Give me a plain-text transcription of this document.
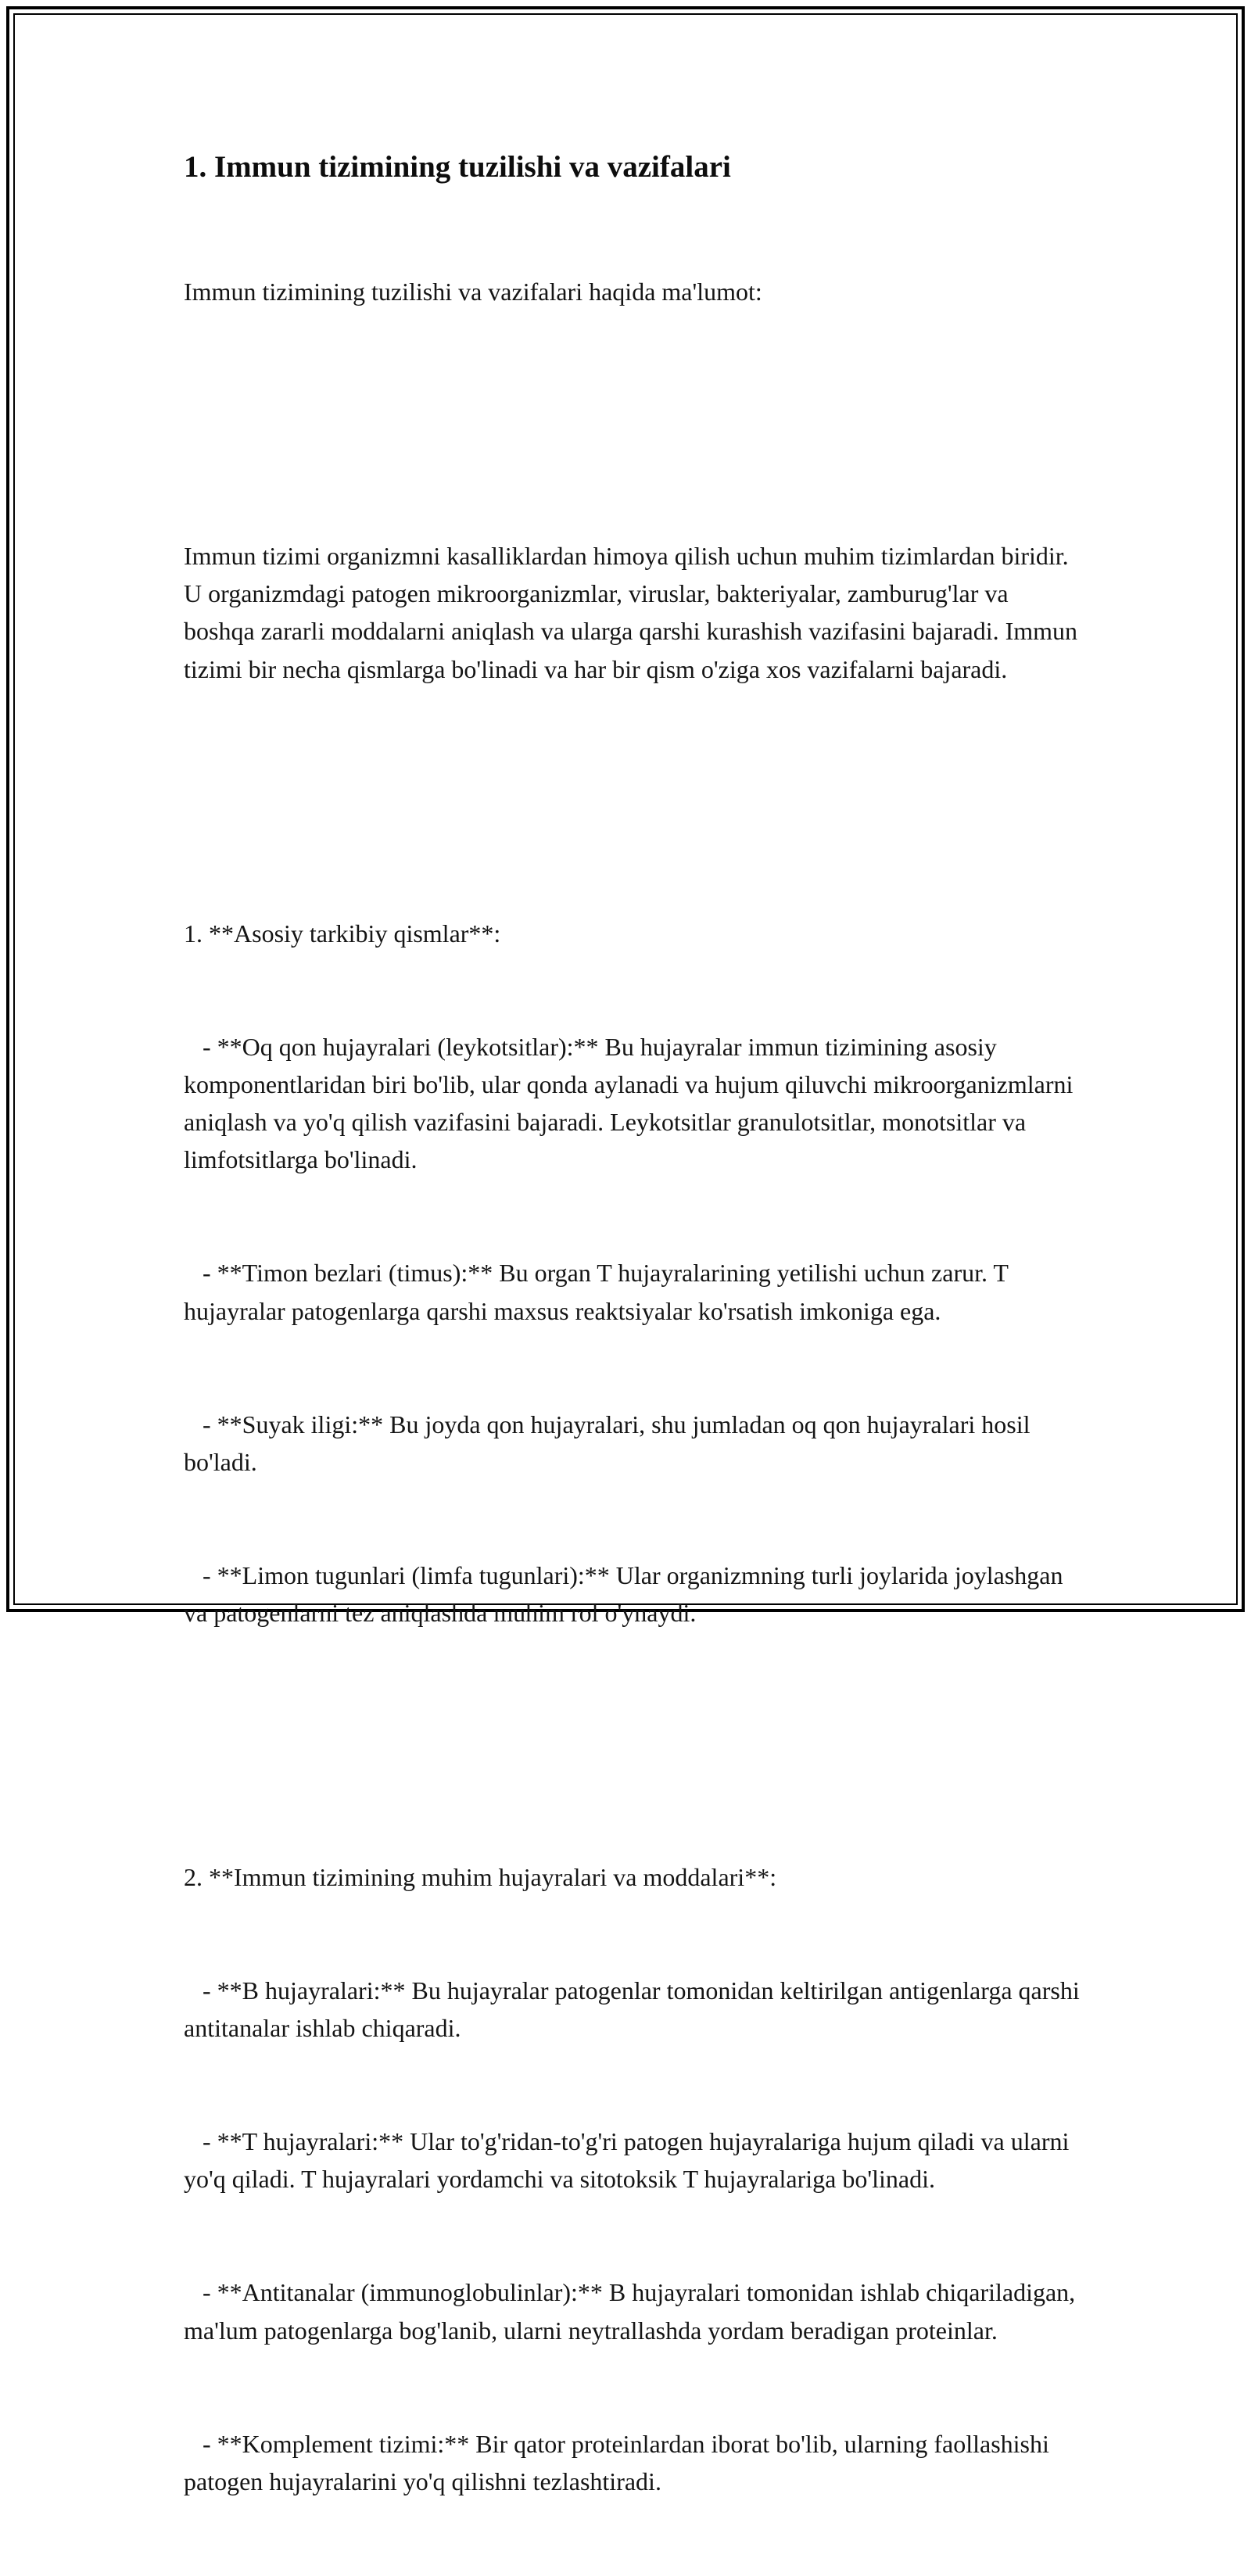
1. Immun tizimining tuzilishi va vazifalari

Immun tizimining tuzilishi va vazifalari haqida ma'lumot:

Immun tizimi organizmni kasalliklardan himoya qilish uchun muhim tizimlardan biridir. U organizmdagi patogen mikroorganizmlar, viruslar, bakteriyalar, zamburug'lar va boshqa zararli moddalarni aniqlash va ularga qarshi kurashish vazifasini bajaradi. Immun tizimi bir necha qismlarga bo'linadi va har bir qism o'ziga xos vazifalarni bajaradi.

1. **Asosiy tarkibiy qismlar**:

- **Oq qon hujayralari (leykotsitlar):** Bu hujayralar immun tizimining asosiy komponentlaridan biri bo'lib, ular qonda aylanadi va hujum qiluvchi mikroorganizmlarni aniqlash va yo'q qilish vazifasini bajaradi. Leykotsitlar granulotsitlar, monotsitlar va limfotsitlarga bo'linadi.

- **Timon bezlari (timus):** Bu organ T hujayralarining yetilishi uchun zarur. T hujayralar patogenlarga qarshi maxsus reaktsiyalar ko'rsatish imkoniga ega.

- **Suyak iligi:** Bu joyda qon hujayralari, shu jumladan oq qon hujayralari hosil bo'ladi.

- **Limon tugunlari (limfa tugunlari):** Ular organizmning turli joylarida joylashgan va patogenlarni tez aniqlashda muhim rol o'ynaydi.

2. **Immun tizimining muhim hujayralari va moddalari**:

- **B hujayralari:** Bu hujayralar patogenlar tomonidan keltirilgan antigenlarga qarshi antitanalar ishlab chiqaradi.

- **T hujayralari:** Ular to'g'ridan-to'g'ri patogen hujayralariga hujum qiladi va ularni yo'q qiladi. T hujayralari yordamchi va sitotoksik T hujayralariga bo'linadi.

- **Antitanalar (immunoglobulinlar):** B hujayralari tomonidan ishlab chiqariladigan, ma'lum patogenlarga bog'lanib, ularni neytrallashda yordam beradigan proteinlar.

- **Komplement tizimi:** Bir qator proteinlardan iborat bo'lib, ularning faollashishi patogen hujayralarini yo'q qilishni tezlashtiradi.
